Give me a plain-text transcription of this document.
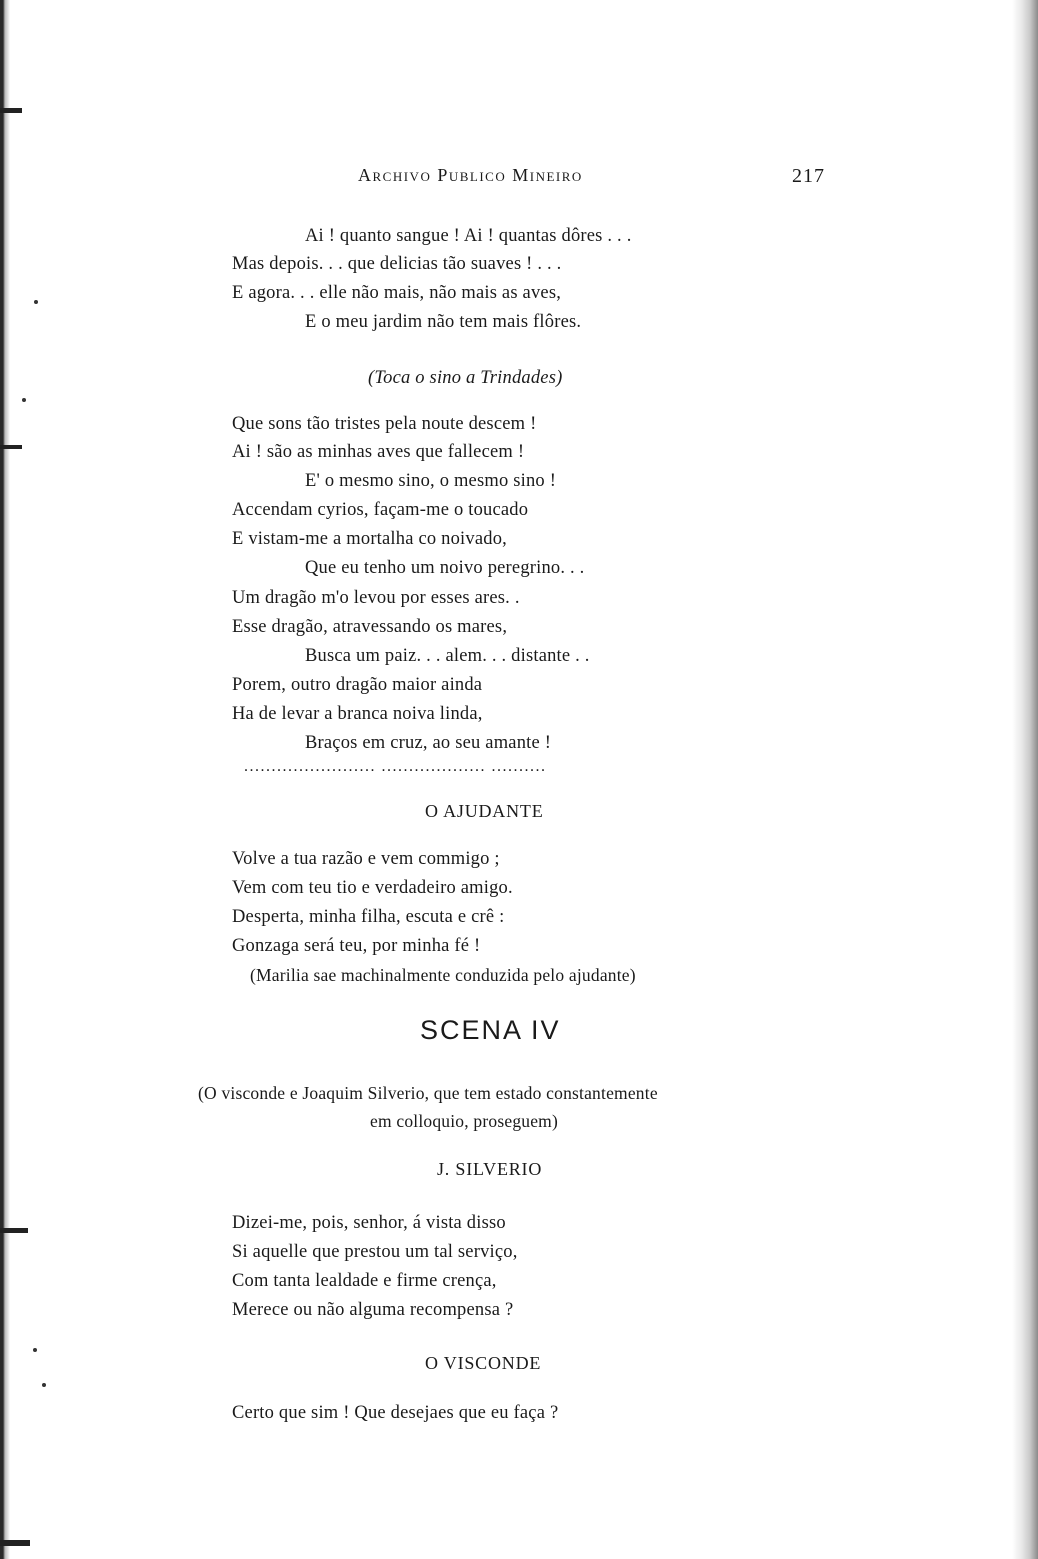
Archivo Publico Mineiro	217
Ai ! quanto sangue ! Ai ! quantas dôres . . .
Mas depois. . . que delicias tão suaves ! . . .
E agora. . . elle não mais, não mais as aves,
E o meu jardim não tem mais flôres.
(Toca o sino a Trindades)
Que sons tão tristes pela noute descem !
Ai ! são as minhas aves que fallecem !
E' o mesmo sino, o mesmo sino !
Accendam cyrios, façam-me o toucado
E vistam-me a mortalha co noivado,
Que eu tenho um noivo peregrino. . .
Um dragão m'o levou por esses ares. .
Esse dragão, atravessando os mares,
Busca um paiz. . . alem. . . distante . .
Porem, outro dragão maior ainda
Ha de levar a branca noiva linda,
Braços em cruz, ao seu amante !
........................ ................... ..........
O AJUDANTE
Volve a tua razão e vem commigo ;
Vem com teu tio e verdadeiro amigo.
Desperta, minha filha, escuta e crê :
Gonzaga será teu, por minha fé !
(Marilia sae machinalmente conduzida pelo ajudante)
SCENA IV
(O visconde e Joaquim Silverio, que tem estado constantemente
em colloquio, proseguem)
J. SILVERIO
Dizei-me, pois, senhor, á vista disso
Si aquelle que prestou um tal serviço,
Com tanta lealdade e firme crença,
Merece ou não alguma recompensa ?
O VISCONDE
Certo que sim ! Que desejaes que eu faça ?
